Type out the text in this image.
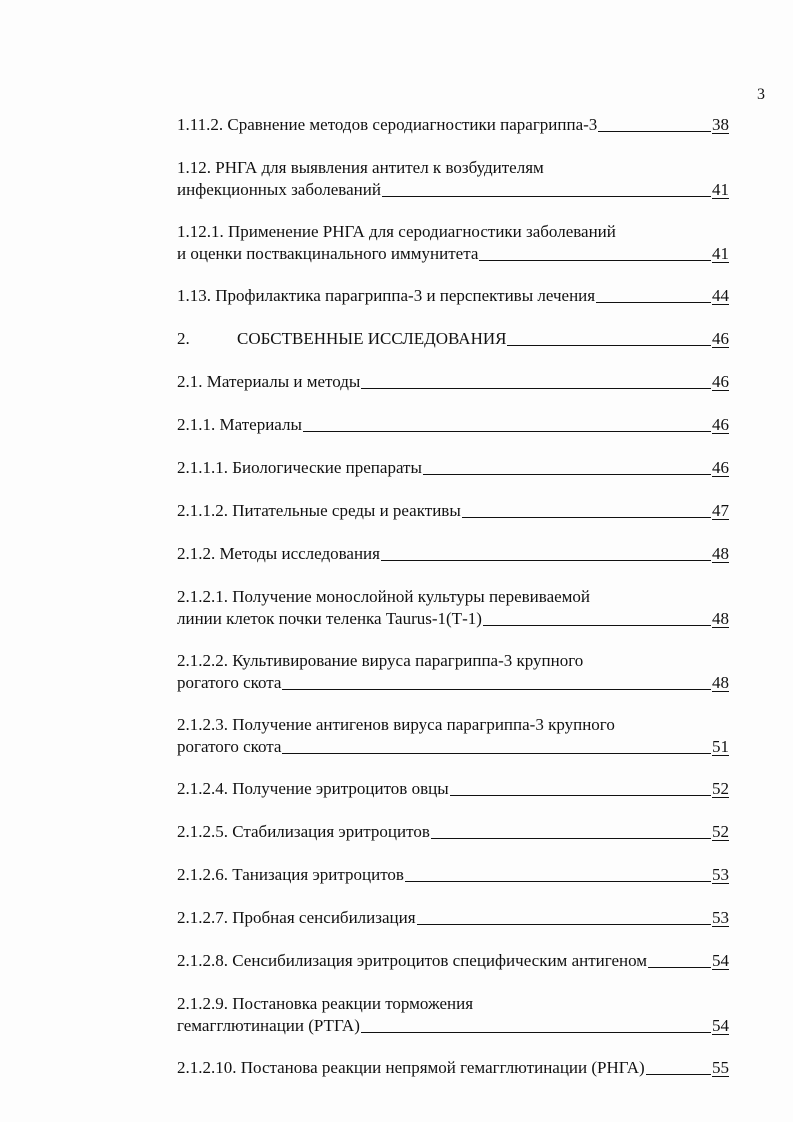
3
1.11.2. Сравнение методов серодиагностики парагриппа-3	38
1.12. РНГА для выявления антител к возбудителям
инфекционных заболеваний	41
1.12.1. Применение РНГА для серодиагностики заболеваний
и оценки поствакцинального иммунитета	41
1.13. Профилактика парагриппа-3 и перспективы лечения	44
2.	СОБСТВЕННЫЕ ИССЛЕДОВАНИЯ	46
2.1. Материалы и методы	46
2.1.1. Материалы	46
2.1.1.1. Биологические препараты	46
2.1.1.2. Питательные среды и реактивы	47
2.1.2. Методы исследования	48
2.1.2.1. Получение монослойной культуры перевиваемой
линии клеток почки теленка Taurus-1(Т-1)	48
2.1.2.2. Культивирование вируса парагриппа-3 крупного
рогатого скота	48
2.1.2.3. Получение антигенов вируса парагриппа-3 крупного
рогатого скота	51
2.1.2.4. Получение эритроцитов овцы	52
2.1.2.5. Стабилизация эритроцитов	52
2.1.2.6. Танизация эритроцитов	53
2.1.2.7. Пробная сенсибилизация	53
2.1.2.8. Сенсибилизация эритроцитов специфическим антигеном	54
2.1.2.9. Постановка реакции торможения
гемагглютинации (РТГА)	54
2.1.2.10. Постанова реакции непрямой гемагглютинации (РНГА)	55
